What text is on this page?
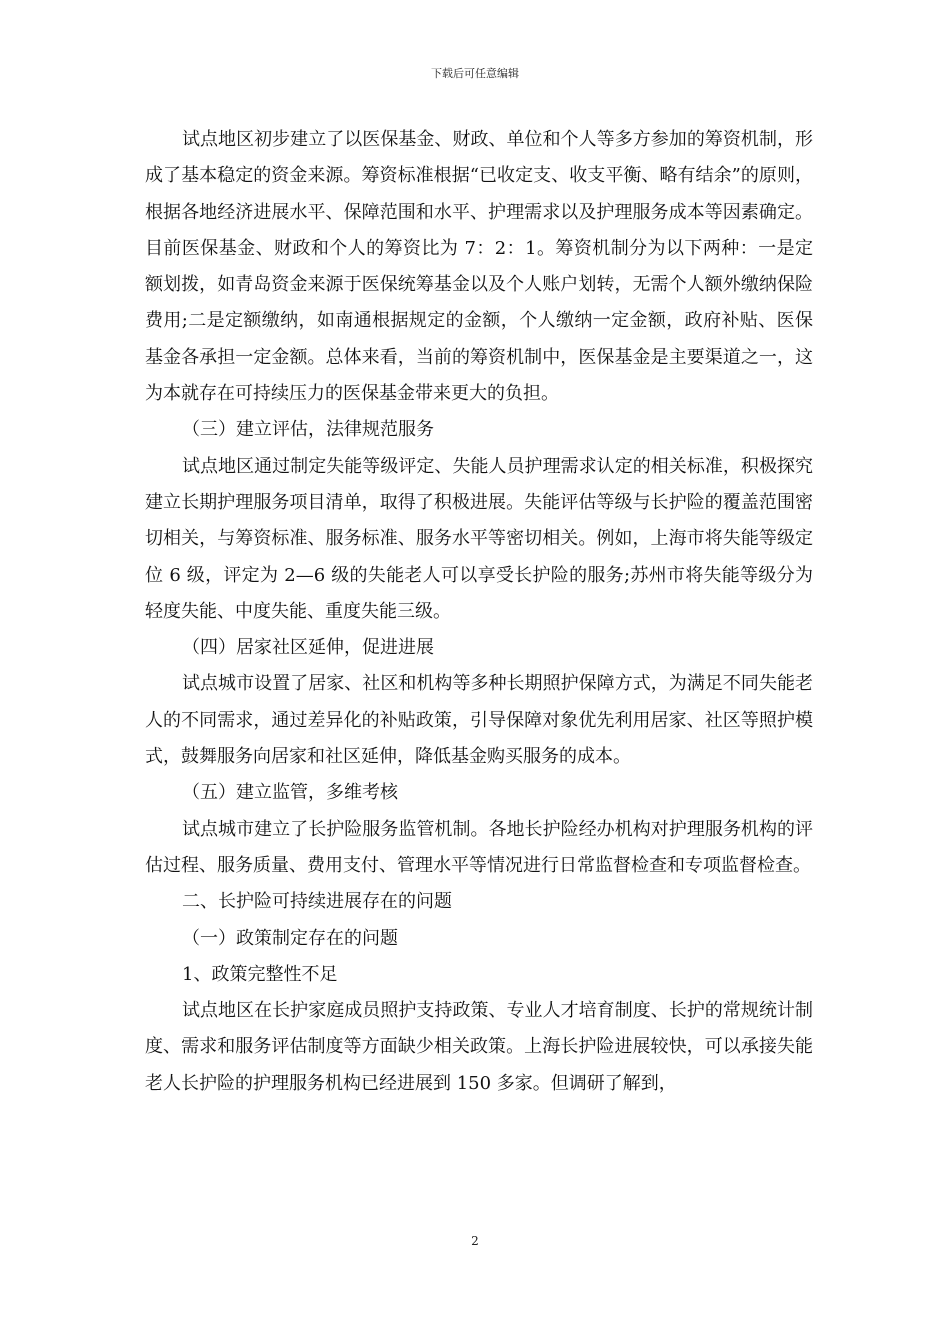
下载后可任意编辑

试点地区初步建立了以医保基金、财政、单位和个人等多方参加的筹资机制，形成了基本稳定的资金来源。筹资标准根据“已收定支、收支平衡、略有结余”的原则，根据各地经济进展水平、保障范围和水平、护理需求以及护理服务成本等因素确定。目前医保基金、财政和个人的筹资比为 7：2：1。筹资机制分为以下两种：一是定额划拨，如青岛资金来源于医保统筹基金以及个人账户划转，无需个人额外缴纳保险费用;二是定额缴纳，如南通根据规定的金额，个人缴纳一定金额，政府补贴、医保基金各承担一定金额。总体来看，当前的筹资机制中，医保基金是主要渠道之一，这为本就存在可持续压力的医保基金带来更大的负担。

（三）建立评估，法律规范服务

试点地区通过制定失能等级评定、失能人员护理需求认定的相关标准，积极探究建立长期护理服务项目清单，取得了积极进展。失能评估等级与长护险的覆盖范围密切相关，与筹资标准、服务标准、服务水平等密切相关。例如，上海市将失能等级定位 6 级，评定为 2—6 级的失能老人可以享受长护险的服务;苏州市将失能等级分为轻度失能、中度失能、重度失能三级。

（四）居家社区延伸，促进进展

试点城市设置了居家、社区和机构等多种长期照护保障方式，为满足不同失能老人的不同需求，通过差异化的补贴政策，引导保障对象优先利用居家、社区等照护模式，鼓舞服务向居家和社区延伸，降低基金购买服务的成本。

（五）建立监管，多维考核

试点城市建立了长护险服务监管机制。各地长护险经办机构对护理服务机构的评估过程、服务质量、费用支付、管理水平等情况进行日常监督检查和专项监督检查。

二、长护险可持续进展存在的问题

（一）政策制定存在的问题

1、政策完整性不足

试点地区在长护家庭成员照护支持政策、专业人才培育制度、长护的常规统计制度、需求和服务评估制度等方面缺少相关政策。上海长护险进展较快，可以承接失能老人长护险的护理服务机构已经进展到 150 多家。但调研了解到，

2
